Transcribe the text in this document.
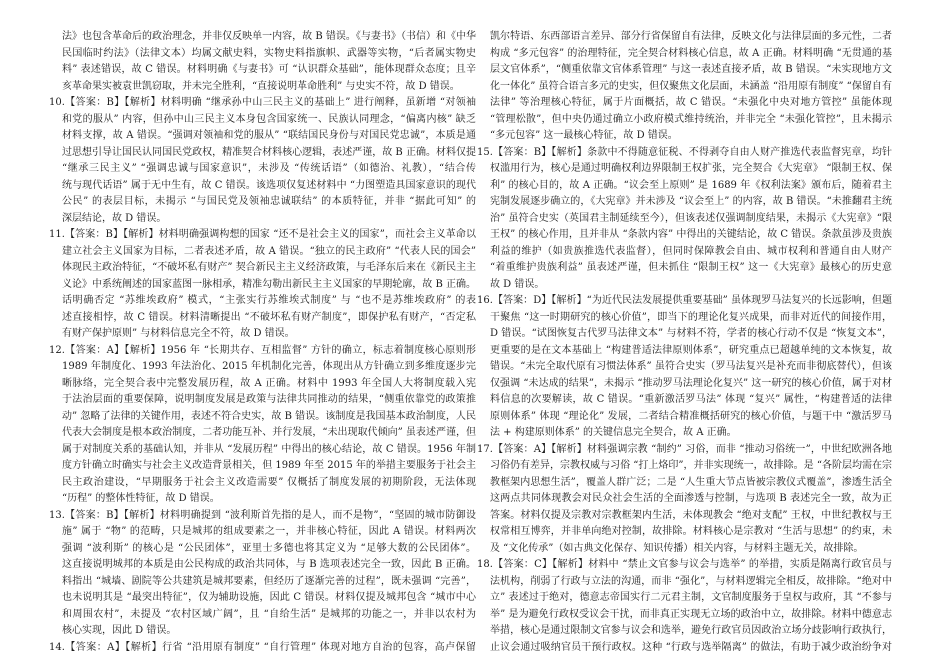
法》也包含革命后的政治理念，并非仅反映单一内容，故 B 错误。《与妻书》（书信）和《中华
民国临时约法》（法律文本）均属文献史料，实物史料指旗帜、武器等实物，“后者属实物史
料” 表述错误，故 C 错误。材料明确《与妻书》可 “认识群众基础”，能体现群众态度；且辛
亥革命果实被袁世凯窃取，并未完全胜利，“直接说明革命胜利” 与史实不符，故 D 错误。
10.【答案：B】【解析】材料明确 “继承孙中山三民主义的基础上” 进行阐释，虽新增 “对领袖
和党的服从” 内容，但孙中山三民主义本身包含国家统一、民族认同理念，“偏离内核” 缺乏
材料支撑，故 A 错误。“强调对领袖和党的服从” “联结国民身份与对国民党忠诚”，本质是通
过思想引导让国民认同国民党政权，精准契合材料核心逻辑，表述严谨，故 B 正确。材料仅提
“继承三民主义” “强调忠诚与国家意识”，未涉及 “传统话语”（如德治、礼教），“结合传
统与现代话语” 属于无中生有，故 C 错误。该选项仅复述材料中 “力图塑造具国家意识的现代
公民” 的表层目标，未揭示 “与国民党及领袖忠诚联结” 的本质特征，并非 “据此可知” 的
深层结论，故 D 错误。
11.【答案：B】【解析】材料明确强调构想的国家 “还不是社会主义的国家”，而社会主义革命以
建立社会主义国家为目标，二者表述矛盾，故 A 错误。“独立的民主政府” “代表人民的国会”
体现民主政治特征，“不破坏私有财产” 契合新民主主义经济政策，与毛泽东后来在《新民主主
义论》中系统阐述的国家蓝图一脉相承，精准勾勒出新民主主义国家的早期轮廓，故 B 正确。
话明确否定 “苏维埃政府” 模式，“主张实行苏维埃式制度” 与 “也不是苏维埃政府” 的表
述直接相悖，故 C 错误。材料清晰提出 “不破坏私有财产制度”，即保护私有财产，“否定私
有财产保护原则” 与材料信息完全不符，故 D 错误。
12.【答案：A】【解析】1956 年 “长期共存、互相监督” 方针的确立，标志着制度核心原则形
1989 年制度化、1993 年法治化、2015 年机制化完善，体现出从方针确立到多维度逐步完
晰脉络，完全契合表中完整发展历程，故 A 正确。材料中 1993 年全国人大将制度载入宪
于法治层面的重要保障，说明制度发展是政策与法律共同推动的结果，“侧重依靠党的政策推
动” 忽略了法律的关键作用，表述不符合史实，故 B 错误。该制度是我国基本政治制度，人民
代表大会制度是根本政治制度，二者功能互补、并行发展，“未出现取代倾向” 虽表述严谨，但
属于对制度关系的基础认知，并非从 “发展历程” 中得出的核心结论，故 C 错误。1956 年制
度方针确立时确实与社会主义改造背景相关，但 1989 年至 2015 年的举措主要服务于社会主
民主政治建设，“早期服务于社会主义改造需要” 仅概括了制度发展的初期阶段，无法体现
“历程” 的整体性特征，故 D 错误。
13.【答案：B】【解析】材料明确提到 “波利斯首先指的是人，而不是物”，“坚固的城市防御设
施” 属于 “物” 的范畴，只是城邦的组成要素之一，并非核心特征，因此 A 错误。材料两次
强调 “波利斯” 的核心是 “公民团体”，亚里士多德也将其定义为 “足够大数的公民团体”。
这直接说明城邦的本质是由公民构成的政治共同体，与 B 选项表述完全一致，因此 B 正确。
料指出 “城墙、剧院等公共建筑是城邦要素，但经历了逐渐完善的过程”，既未强调 “完善”，
也未说明其是 “最突出特征”，仅为辅助设施，因此 C 错误。材料仅提及城邦包含 “城市中心
和周围农村”，未提及 “农村区域广阔”，且 “自给生活” 是城邦的功能之一，并非以农村为
核心实现，因此 D 错误。
14.【答案：A】【解析】行省 “沿用原有制度” “自行管理” 体现对地方自治的包容，高卢保留
凯尔特语、东西部语言差异、部分行省保留自有法律，反映文化与法律层面的多元性，二者
构成 “多元包容” 的治理特征，完全契合材料核心信息，故 A 正确。材料明确 “无贯通的基
层文官体系”，“侧重依靠文官体系管理” 与这一表述直接矛盾，故 B 错误。“未实现地方文
化一体化” 虽符合语言多元的史实，但仅聚焦文化层面，未涵盖 “沿用原有制度” “保留自有
法律” 等治理核心特征，属于片面概括，故 C 错误。“未强化中央对地方管控” 虽能体现
“管理松散”，但中央仍通过确立小政府模式维持统治，并非完全 “未强化管控”，且未揭示
“多元包容” 这一最核心特征，故 D 错误。
15.【答案：B】【解析】条款中不得随意征税、不得剥夺自由人财产推选代表监督宪章，均针
权滥用行为，核心是通过明确权利边界限制王权扩张，完全契合《大宪章》 “限制王权、保
利” 的核心目的，故 A 正确。“议会至上原则” 是 1689 年《权利法案》颁布后，随着君主
宪制发展逐步确立的，《大宪章》并未涉及 “议会至上” 的内容，故 B 错误。“未推翻君主统
治” 虽符合史实（英国君主制延续至今），但该表述仅强调制度结果，未揭示《大宪章》“限
王权” 的核心作用，且并非从 “条款内容” 中得出的关键结论，故 C 错误。条款虽涉及贵族
利益的维护（如贵族推选代表监督），但同时保障教会自由、城市权利和普通自由人财产
“着重维护贵族利益” 虽表述严谨，但未抓住 “限制王权” 这一《大宪章》最核心的历史意
故 D 错误。
16.【答案：D】【解析】“为近代民法发展提供重要基础” 虽体现罗马法复兴的长远影响，但题
干聚焦 “这一时期研究的核心价值”，即当下的理论化复兴成果，而非对近代的间接作用，
D 错误。“试图恢复古代罗马法律文本” 与材料不符，学者的核心行动不仅是 “恢复文本”，
更重要的是在文本基础上 “构建普适法律原则体系”，研究重点已超越单纯的文本恢复，故
错误。“未完全取代原有习惯法体系” 虽符合史实（罗马法复兴是补充而非彻底替代），但该
仅强调 “未达成的结果”，未揭示 “推动罗马法理论化复兴” 这一研究的核心价值，属于对材
料信息的次要解读，故 C 错误。“重新激活罗马法” 体现 “复兴” 属性，“构建普适的法律
原则体系” 体现 “理论化” 发展，二者结合精准概括研究的核心价值，与题干中 “激活罗马
法 + 构建原则体系” 的关键信息完全契合，故 A 正确。
17.【答案：A】【解析】材料强调宗教 “制约” 习俗，而非 “推动习俗统一”，中世纪欧洲各地
习俗仍有差异，宗教权威与习俗 “打上烙印”，并非实现统一，故排除。是 “各阶层均需在宗
教框架内思想生活”，覆盖人群广泛；二是 “人生重大节点皆被宗教仪式覆盖”，渗透生活全
这两点共同体现教会对民众社会生活的全面渗透与控制，与选项 B 表述完全一致，故为正
答案。材料仅提及宗教对宗教框架内生活，未体现教会 “绝对支配” 王权，中世纪教权与王
权常相互博弈，并非单向绝对控制，故排除。材料核心是宗教对 “生活与思想” 的约束，未
及 “文化传承”（如古典文化保存、知识传播）相关内容，与材料主题无关，故排除。
18.【答案：C】【解析】材料中 “禁止文官参与议会与选举” 的举措，实质是隔离行政官员与
法机构，削弱了行政与立法的沟通，而非 “强化”，与材料逻辑完全相反，故排除。“绝对中
立” 表述过于绝对，德意志帝国实行二元君主制，文官制度服务于皇权与政府，其 “不参与
举” 是为避免行政权受议会干扰，而非真正实现无立场的政治中立，故排除。材料中德意志
举措，核心是通过限制文官参与议会和选举，避免行政官员因政治立场分歧影响行政执行，
止议会通过吸纳官员干预行政权。这种 “行政与选举隔离” 的做法，有助于减少政治纷争对
